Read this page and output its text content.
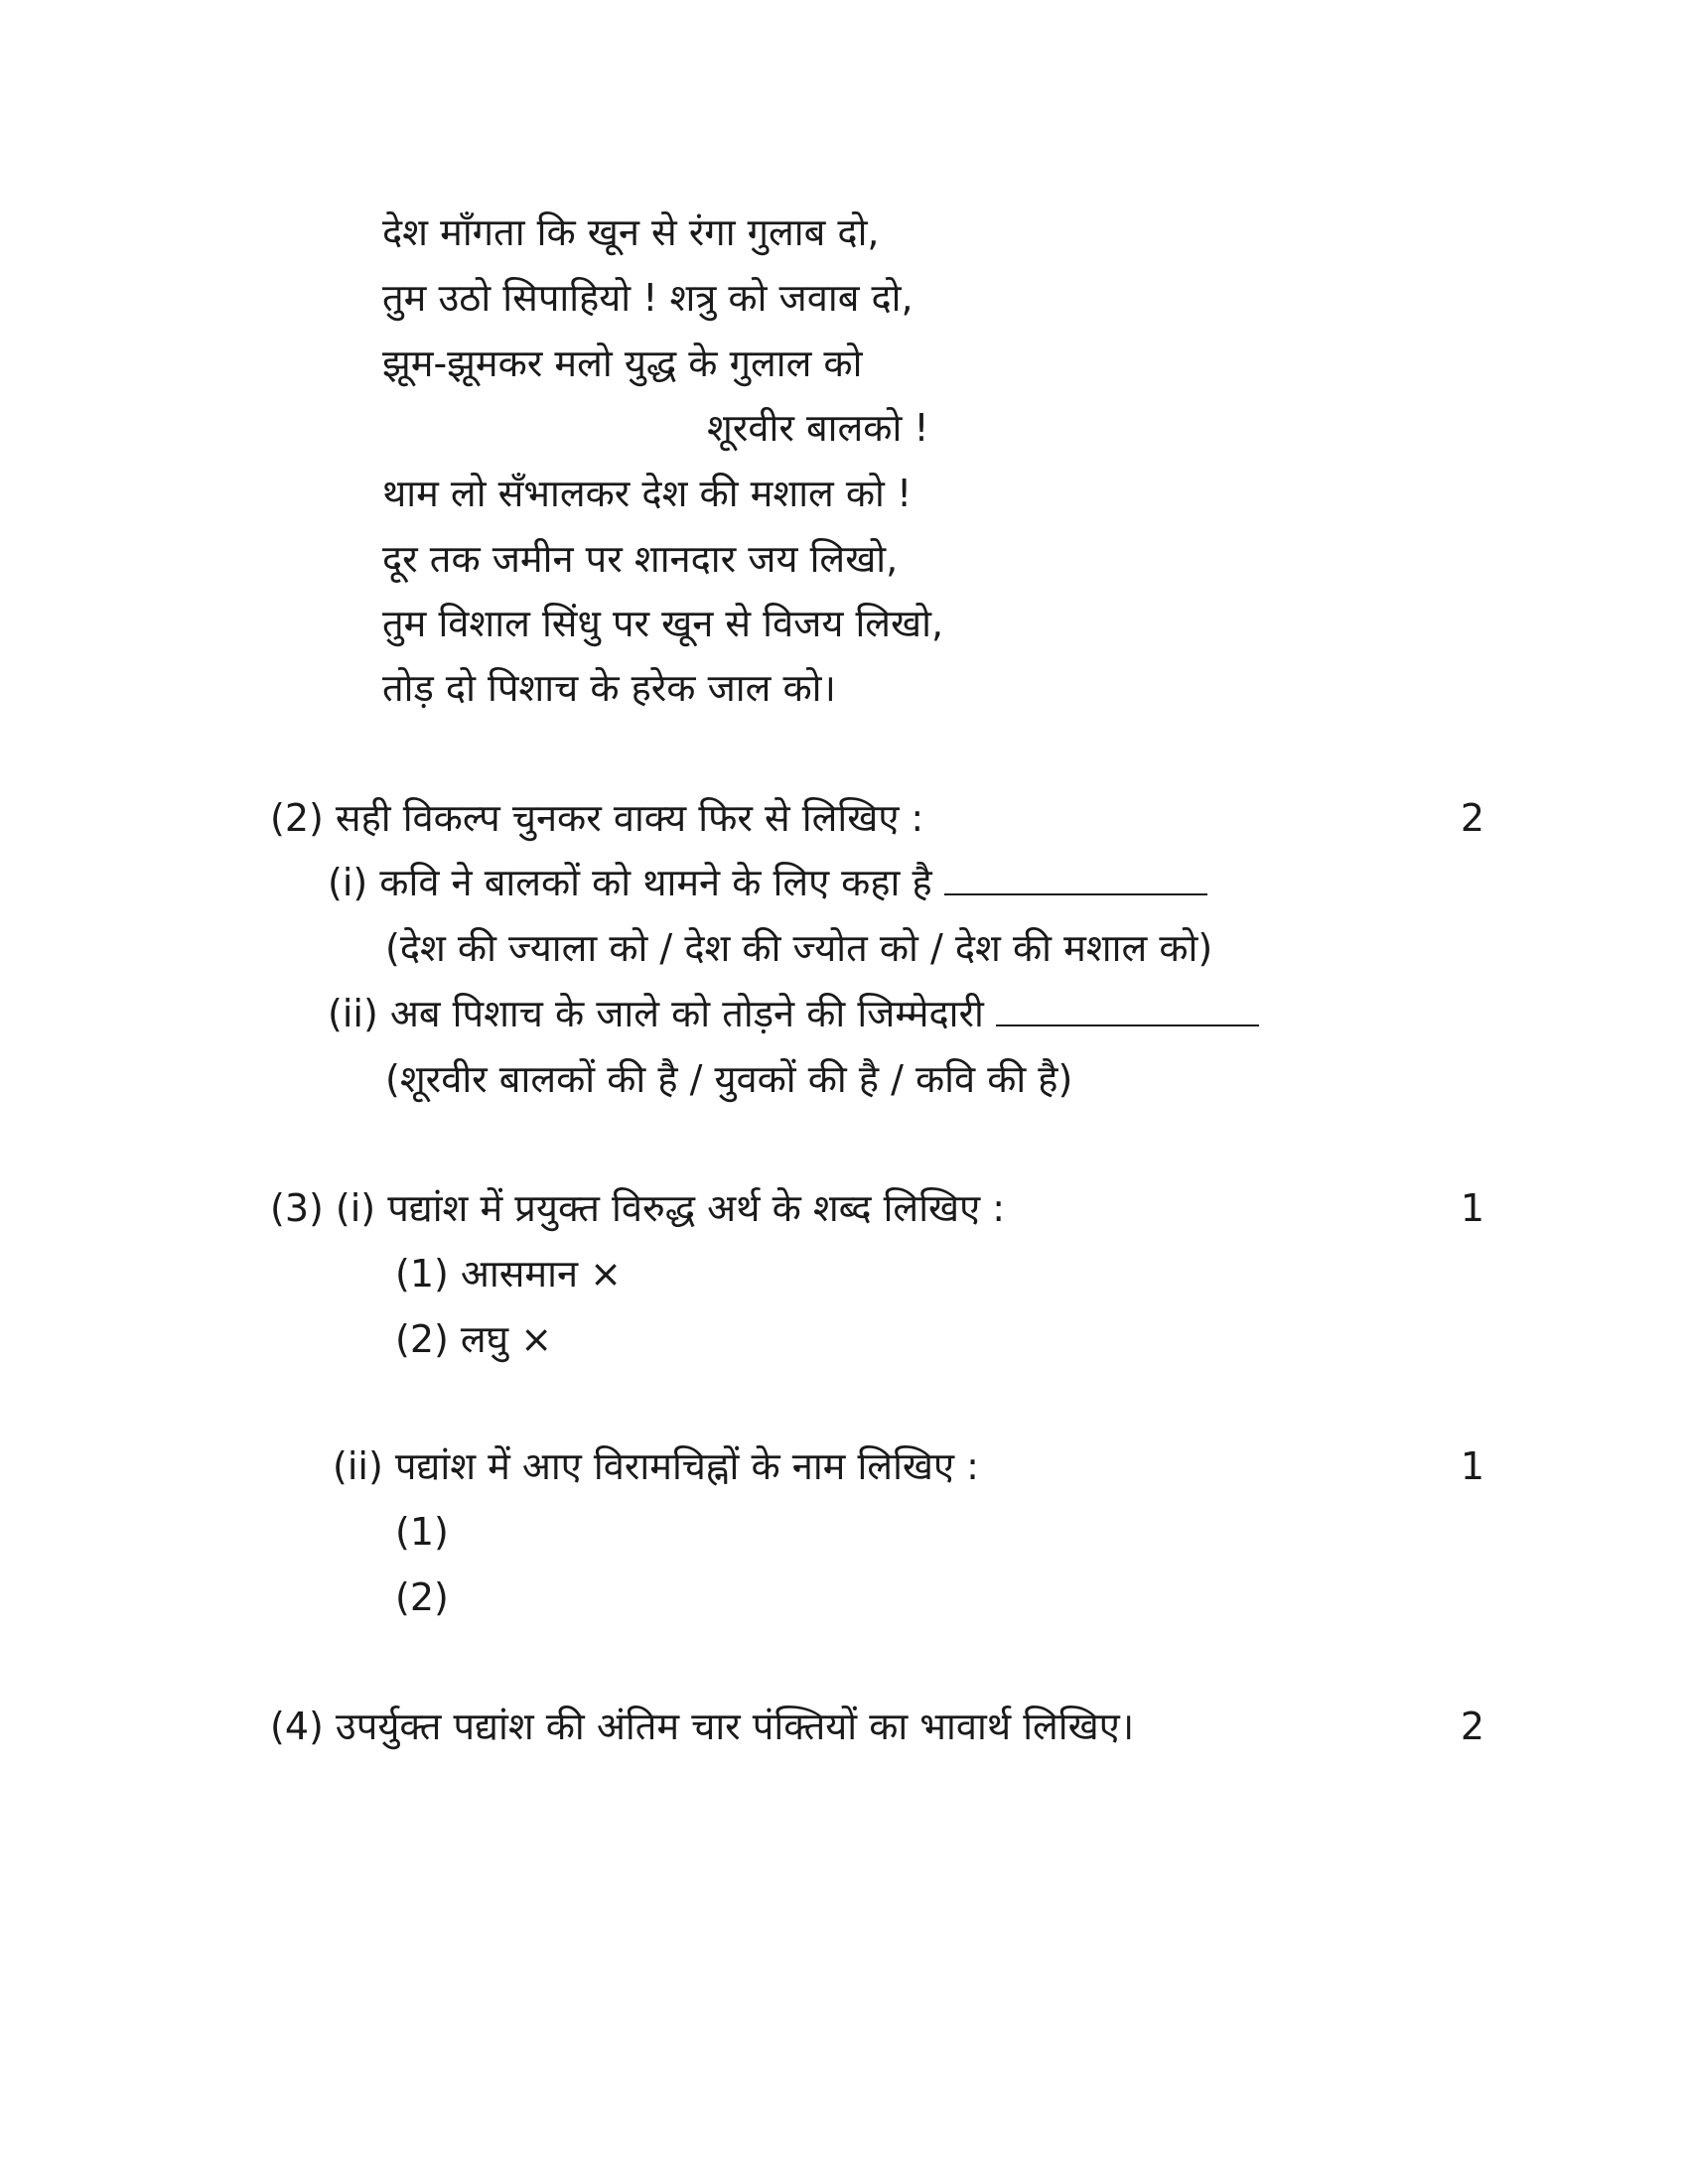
देश माँगता कि खून से रंगा गुलाब दो,
तुम उठो सिपाहियो ! शत्रु को जवाब दो,
झूम-झूमकर मलो युद्ध के गुलाल को
शूरवीर बालको !
थाम लो सँभालकर देश की मशाल को !
दूर तक जमीन पर शानदार जय लिखो,
तुम विशाल सिंधु पर खून से विजय लिखो,
तोड़ दो पिशाच के हरेक जाल को।
(2) सही विकल्प चुनकर वाक्य फिर से लिखिए :	2
(i) कवि ने बालकों को थामने के लिए कहा है
(देश की ज्याला को / देश की ज्योत को / देश की मशाल को)
(ii) अब पिशाच के जाले को तोड़ने की जिम्मेदारी
(शूरवीर बालकों की है / युवकों की है / कवि की है)
(3) (i) पद्यांश में प्रयुक्त विरुद्ध अर्थ के शब्द लिखिए :	1
(1) आसमान ×
(2) लघु ×
(ii) पद्यांश में आए विरामचिह्नों के नाम लिखिए :	1
(1)
(2)
(4) उपर्युक्त पद्यांश की अंतिम चार पंक्तियों का भावार्थ लिखिए।	2
